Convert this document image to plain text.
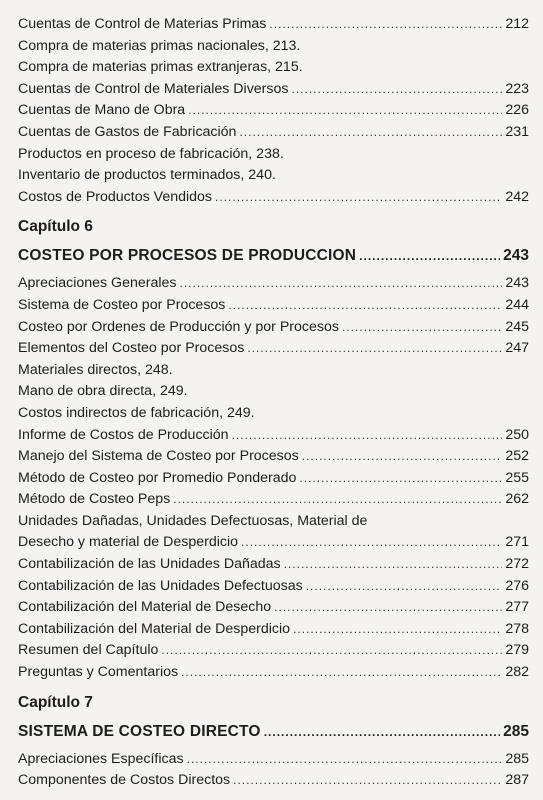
Cuentas de Control de Materias Primas .....	212
Compra de materias primas nacionales, 213.
Compra de materias primas extranjeras, 215.
Cuentas de Control de Materiales Diversos .....	223
Cuentas de Mano de Obra .....	226
Cuentas de Gastos de Fabricación .....	231
Productos en proceso de fabricación, 238.
Inventario de productos terminados, 240.
Costos de Productos Vendidos .....	242
Capítulo 6
COSTEO POR PROCESOS DE PRODUCCION .....	243
Apreciaciones Generales .....	243
Sistema de Costeo por Procesos .....	244
Costeo por Ordenes de Producción y por Procesos .....	245
Elementos del Costeo por Procesos .....	247
Materiales directos, 248.
Mano de obra directa, 249.
Costos indirectos de fabricación, 249.
Informe de Costos de Producción .....	250
Manejo del Sistema de Costeo por Procesos .....	252
Método de Costeo por Promedio Ponderado .....	255
Método de Costeo Peps .....	262
Unidades Dañadas, Unidades Defectuosas, Material de
Desecho y material de Desperdicio .....	271
Contabilización de las Unidades Dañadas .....	272
Contabilización de las Unidades Defectuosas .....	276
Contabilización del Material de Desecho .....	277
Contabilización del Material de Desperdicio .....	278
Resumen del Capítulo .....	279
Preguntas y Comentarios .....	282
Capítulo 7
SISTEMA DE COSTEO DIRECTO .....	285
Apreciaciones Específicas .....	285
Componentes de Costos Directos .....	287
